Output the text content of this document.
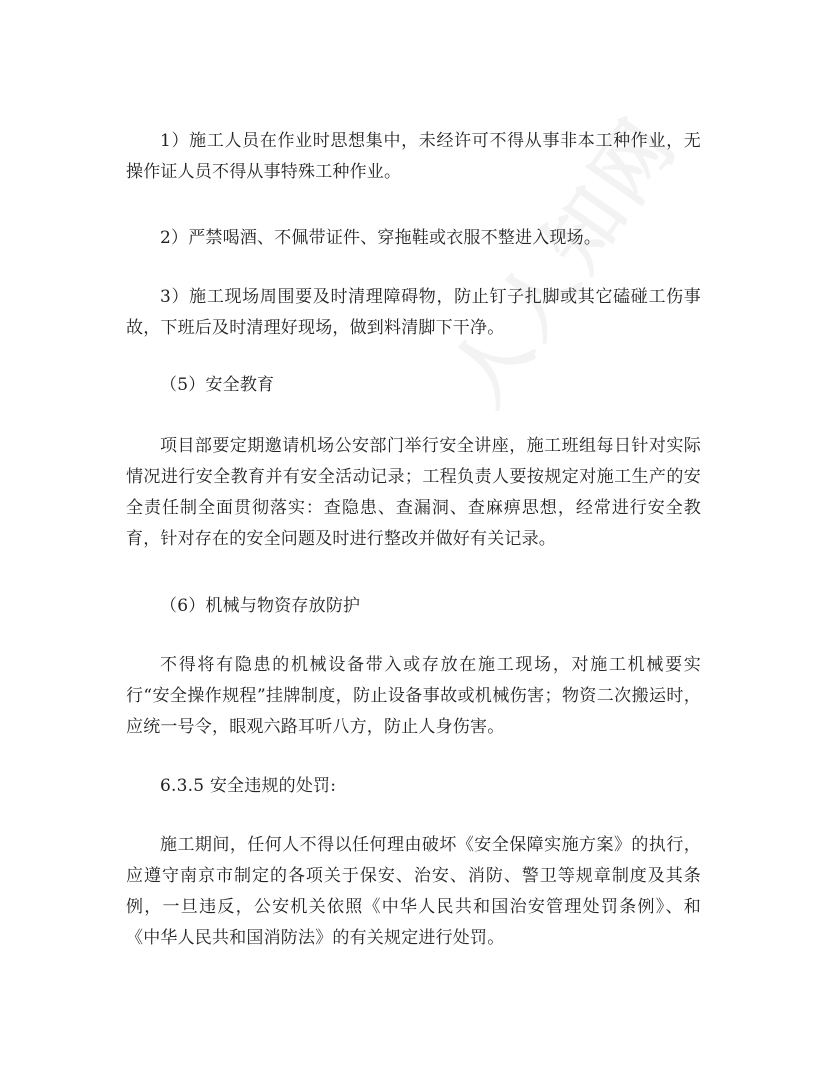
1）施工人员在作业时思想集中，未经许可不得从事非本工种作业，无操作证人员不得从事特殊工种作业。

2）严禁喝酒、不佩带证件、穿拖鞋或衣服不整进入现场。

3）施工现场周围要及时清理障碍物，防止钉子扎脚或其它磕碰工伤事故，下班后及时清理好现场，做到料清脚下干净。

（5）安全教育

项目部要定期邀请机场公安部门举行安全讲座，施工班组每日针对实际情况进行安全教育并有安全活动记录；工程负责人要按规定对施工生产的安全责任制全面贯彻落实：查隐患、查漏洞、查麻痹思想，经常进行安全教育，针对存在的安全问题及时进行整改并做好有关记录。

（6）机械与物资存放防护

不得将有隐患的机械设备带入或存放在施工现场，对施工机械要实行“安全操作规程”挂牌制度，防止设备事故或机械伤害；物资二次搬运时，应统一号令，眼观六路耳听八方，防止人身伤害。

6.3.5 安全违规的处罚:

施工期间，任何人不得以任何理由破坏《安全保障实施方案》的执行，应遵守南京市制定的各项关于保安、治安、消防、警卫等规章制度及其条例，一旦违反，公安机关依照《中华人民共和国治安管理处罚条例》、和《中华人民共和国消防法》的有关规定进行处罚。
